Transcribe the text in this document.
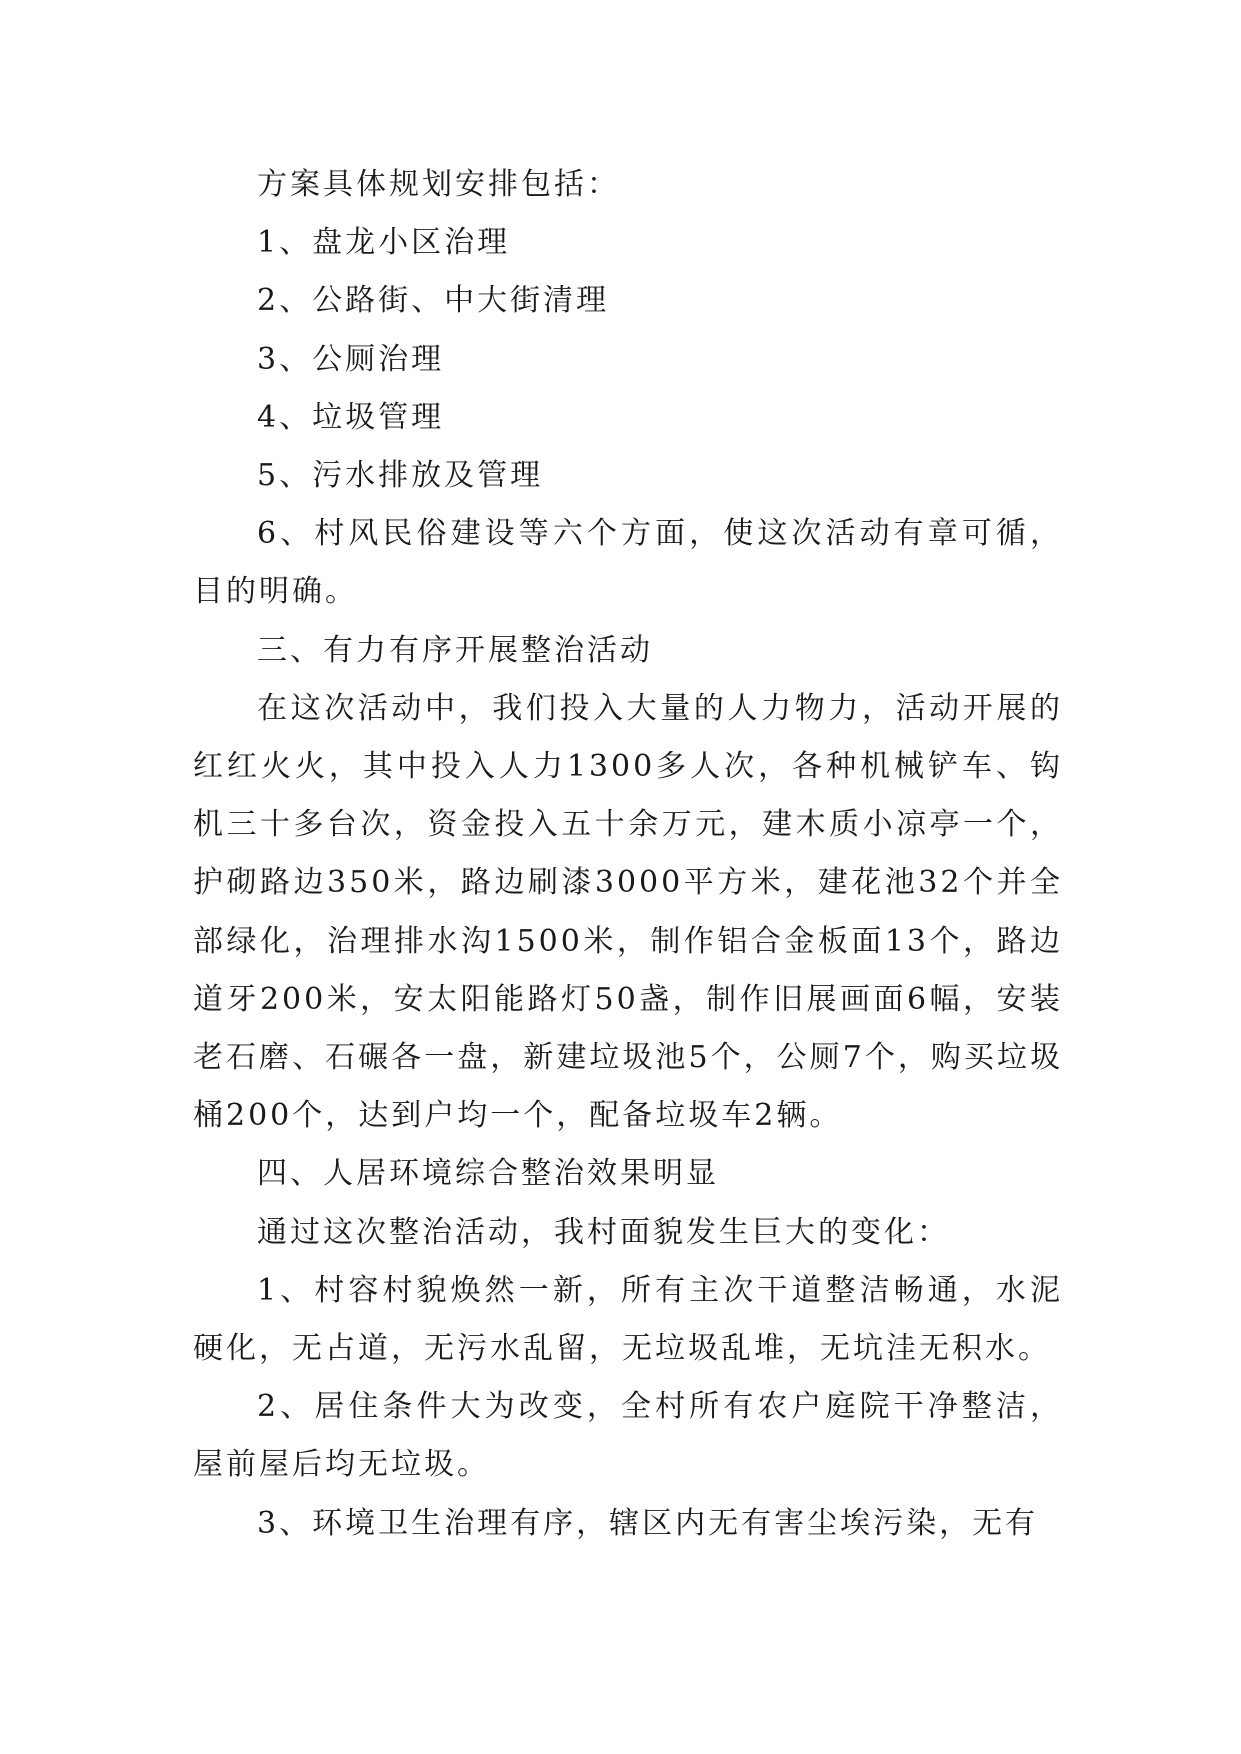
方案具体规划安排包括：

1、盘龙小区治理

2、公路街、中大街清理

3、公厕治理

4、垃圾管理

5、污水排放及管理

6、村风民俗建设等六个方面，使这次活动有章可循，目的明确。

三、有力有序开展整治活动

在这次活动中，我们投入大量的人力物力，活动开展的红红火火，其中投入人力1300多人次，各种机械铲车、钩机三十多台次，资金投入五十余万元，建木质小凉亭一个，护砌路边350米，路边刷漆3000平方米，建花池32个并全部绿化，治理排水沟1500米，制作铝合金板面13个，路边道牙200米，安太阳能路灯50盏，制作旧展画面6幅，安装老石磨、石碾各一盘，新建垃圾池5个，公厕7个，购买垃圾桶200个，达到户均一个，配备垃圾车2辆。

四、人居环境综合整治效果明显

通过这次整治活动，我村面貌发生巨大的变化：

1、村容村貌焕然一新，所有主次干道整洁畅通，水泥硬化，无占道，无污水乱留，无垃圾乱堆，无坑洼无积水。

2、居住条件大为改变，全村所有农户庭院干净整洁，屋前屋后均无垃圾。

3、环境卫生治理有序，辖区内无有害尘埃污染，无有
